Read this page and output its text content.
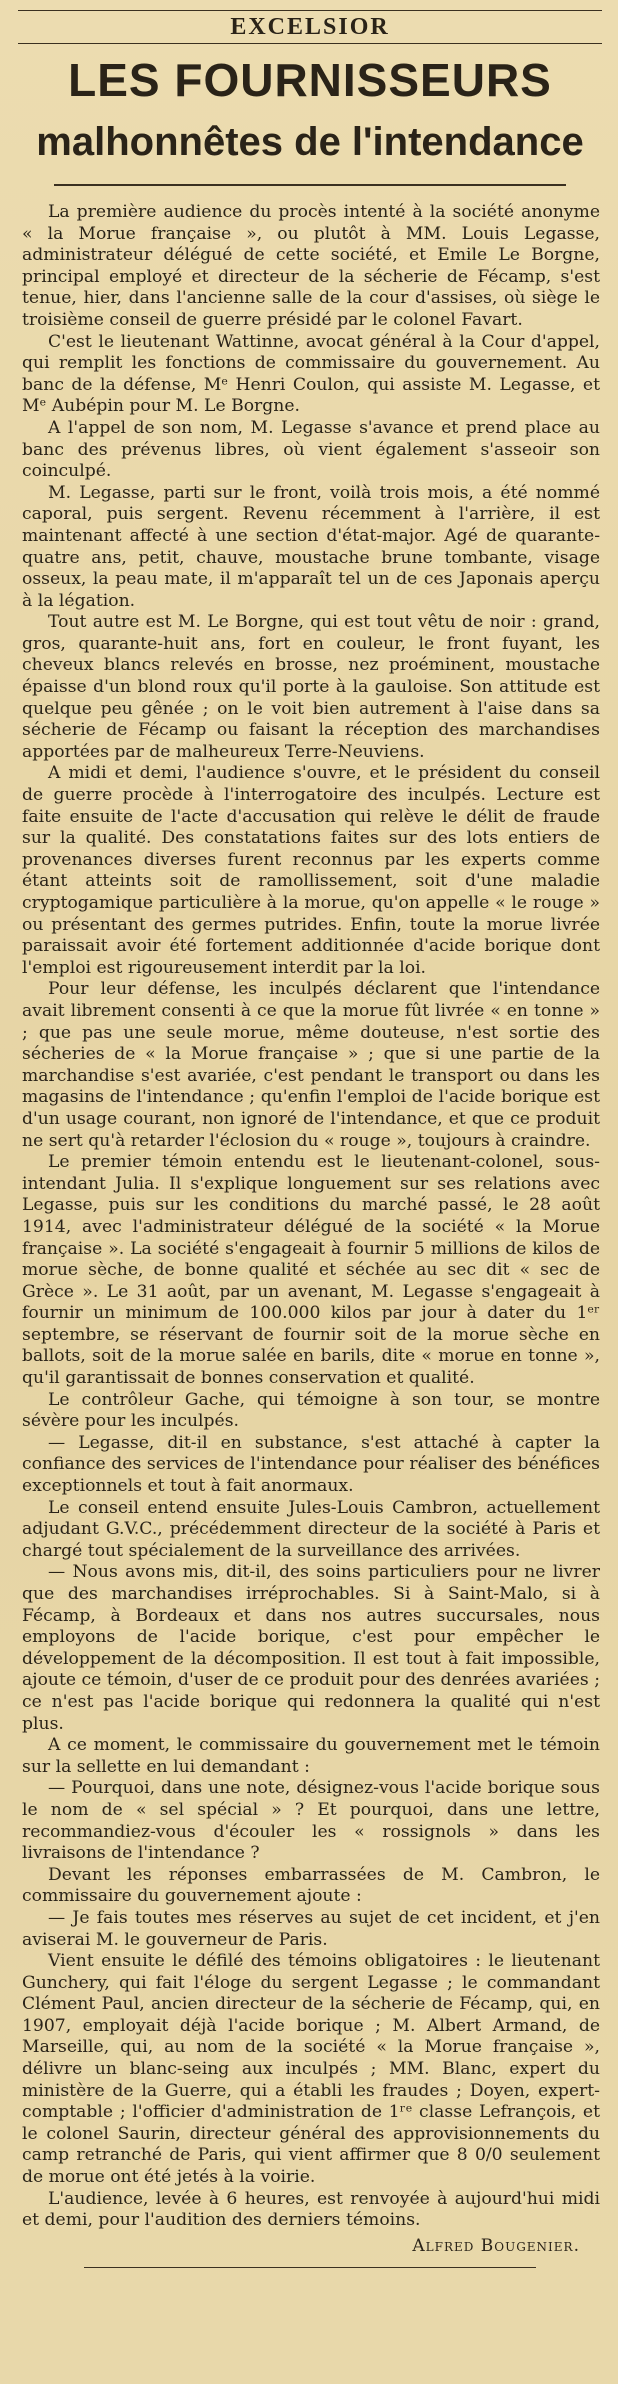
EXCELSIOR
LES FOURNISSEURS
malhonnêtes de l'intendance

La première audience du procès intenté à la société anonyme « la Morue française », ou plutôt à MM. Louis Legasse, administrateur délégué de cette société, et Emile Le Borgne, principal employé et directeur de la sécherie de Fécamp, s'est tenue, hier, dans l'ancienne salle de la cour d'assises, où siège le troisième conseil de guerre présidé par le colonel Favart.

C'est le lieutenant Wattinne, avocat général à la Cour d'appel, qui remplit les fonctions de commissaire du gouvernement. Au banc de la défense, Mᵉ Henri Coulon, qui assiste M. Legasse, et Mᵉ Aubépin pour M. Le Borgne.

A l'appel de son nom, M. Legasse s'avance et prend place au banc des prévenus libres, où vient également s'asseoir son coinculpé.

M. Legasse, parti sur le front, voilà trois mois, a été nommé caporal, puis sergent. Revenu récemment à l'arrière, il est maintenant affecté à une section d'état-major. Agé de quarante-quatre ans, petit, chauve, moustache brune tombante, visage osseux, la peau mate, il m'apparaît tel un de ces Japonais aperçu à la légation.

Tout autre est M. Le Borgne, qui est tout vêtu de noir : grand, gros, quarante-huit ans, fort en couleur, le front fuyant, les cheveux blancs relevés en brosse, nez proéminent, moustache épaisse d'un blond roux qu'il porte à la gauloise. Son attitude est quelque peu gênée ; on le voit bien autrement à l'aise dans sa sécherie de Fécamp ou faisant la réception des marchandises apportées par de malheureux Terre-Neuviens.

A midi et demi, l'audience s'ouvre, et le président du conseil de guerre procède à l'interrogatoire des inculpés. Lecture est faite ensuite de l'acte d'accusation qui relève le délit de fraude sur la qualité. Des constatations faites sur des lots entiers de provenances diverses furent reconnus par les experts comme étant atteints soit de ramollissement, soit d'une maladie cryptogamique particulière à la morue, qu'on appelle « le rouge » ou présentant des germes putrides. Enfin, toute la morue livrée paraissait avoir été fortement additionnée d'acide borique dont l'emploi est rigoureusement interdit par la loi.

Pour leur défense, les inculpés déclarent que l'intendance avait librement consenti à ce que la morue fût livrée « en tonne » ; que pas une seule morue, même douteuse, n'est sortie des sécheries de « la Morue française » ; que si une partie de la marchandise s'est avariée, c'est pendant le transport ou dans les magasins de l'intendance ; qu'enfin l'emploi de l'acide borique est d'un usage courant, non ignoré de l'intendance, et que ce produit ne sert qu'à retarder l'éclosion du « rouge », toujours à craindre.

Le premier témoin entendu est le lieutenant-colonel, sous-intendant Julia. Il s'explique longuement sur ses relations avec Legasse, puis sur les conditions du marché passé, le 28 août 1914, avec l'administrateur délégué de la société « la Morue française ». La société s'engageait à fournir 5 millions de kilos de morue sèche, de bonne qualité et séchée au sec dit « sec de Grèce ». Le 31 août, par un avenant, M. Legasse s'engageait à fournir un minimum de 100.000 kilos par jour à dater du 1ᵉʳ septembre, se réservant de fournir soit de la morue sèche en ballots, soit de la morue salée en barils, dite « morue en tonne », qu'il garantissait de bonnes conservation et qualité.

Le contrôleur Gache, qui témoigne à son tour, se montre sévère pour les inculpés.

— Legasse, dit-il en substance, s'est attaché à capter la confiance des services de l'intendance pour réaliser des bénéfices exceptionnels et tout à fait anormaux.

Le conseil entend ensuite Jules-Louis Cambron, actuellement adjudant G.V.C., précédemment directeur de la société à Paris et chargé tout spécialement de la surveillance des arrivées.

— Nous avons mis, dit-il, des soins particuliers pour ne livrer que des marchandises irréprochables. Si à Saint-Malo, si à Fécamp, à Bordeaux et dans nos autres succursales, nous employons de l'acide borique, c'est pour empêcher le développement de la décomposition. Il est tout à fait impossible, ajoute ce témoin, d'user de ce produit pour des denrées avariées ; ce n'est pas l'acide borique qui redonnera la qualité qui n'est plus.

A ce moment, le commissaire du gouvernement met le témoin sur la sellette en lui demandant :

— Pourquoi, dans une note, désignez-vous l'acide borique sous le nom de « sel spécial » ? Et pourquoi, dans une lettre, recommandiez-vous d'écouler les « rossignols » dans les livraisons de l'intendance ?

Devant les réponses embarrassées de M. Cambron, le commissaire du gouvernement ajoute :

— Je fais toutes mes réserves au sujet de cet incident, et j'en aviserai M. le gouverneur de Paris.

Vient ensuite le défilé des témoins obligatoires : le lieutenant Gunchery, qui fait l'éloge du sergent Legasse ; le commandant Clément Paul, ancien directeur de la sécherie de Fécamp, qui, en 1907, employait déjà l'acide borique ; M. Albert Armand, de Marseille, qui, au nom de la société « la Morue française », délivre un blanc-seing aux inculpés ; MM. Blanc, expert du ministère de la Guerre, qui a établi les fraudes ; Doyen, expert-comptable ; l'officier d'administration de 1ʳᵉ classe Lefrançois, et le colonel Saurin, directeur général des approvisionnements du camp retranché de Paris, qui vient affirmer que 8 0/0 seulement de morue ont été jetés à la voirie.

L'audience, levée à 6 heures, est renvoyée à aujourd'hui midi et demi, pour l'audition des derniers témoins.

Alfred Bougenier.
